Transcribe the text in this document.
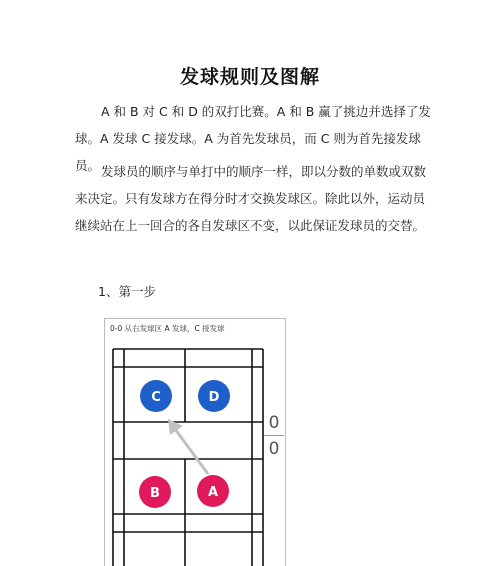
发球规则及图解
A 和 B 对 C 和 D 的双打比赛。A 和 B 赢了挑边并选择了发球。A 发球 C 接发球。A 为首先发球员，而 C 则为首先接发球员。 发球员的顺序与单打中的顺序一样，即以分数的单数或双数来决定。只有发球方在得分时才交换发球区。除此以外，运动员继续站在上一回合的各自发球区不变，以此保证发球员的交替。
1、第一步
0-0 从右发球区 A 发球，C 接发球
C	D
B	A
0
0
